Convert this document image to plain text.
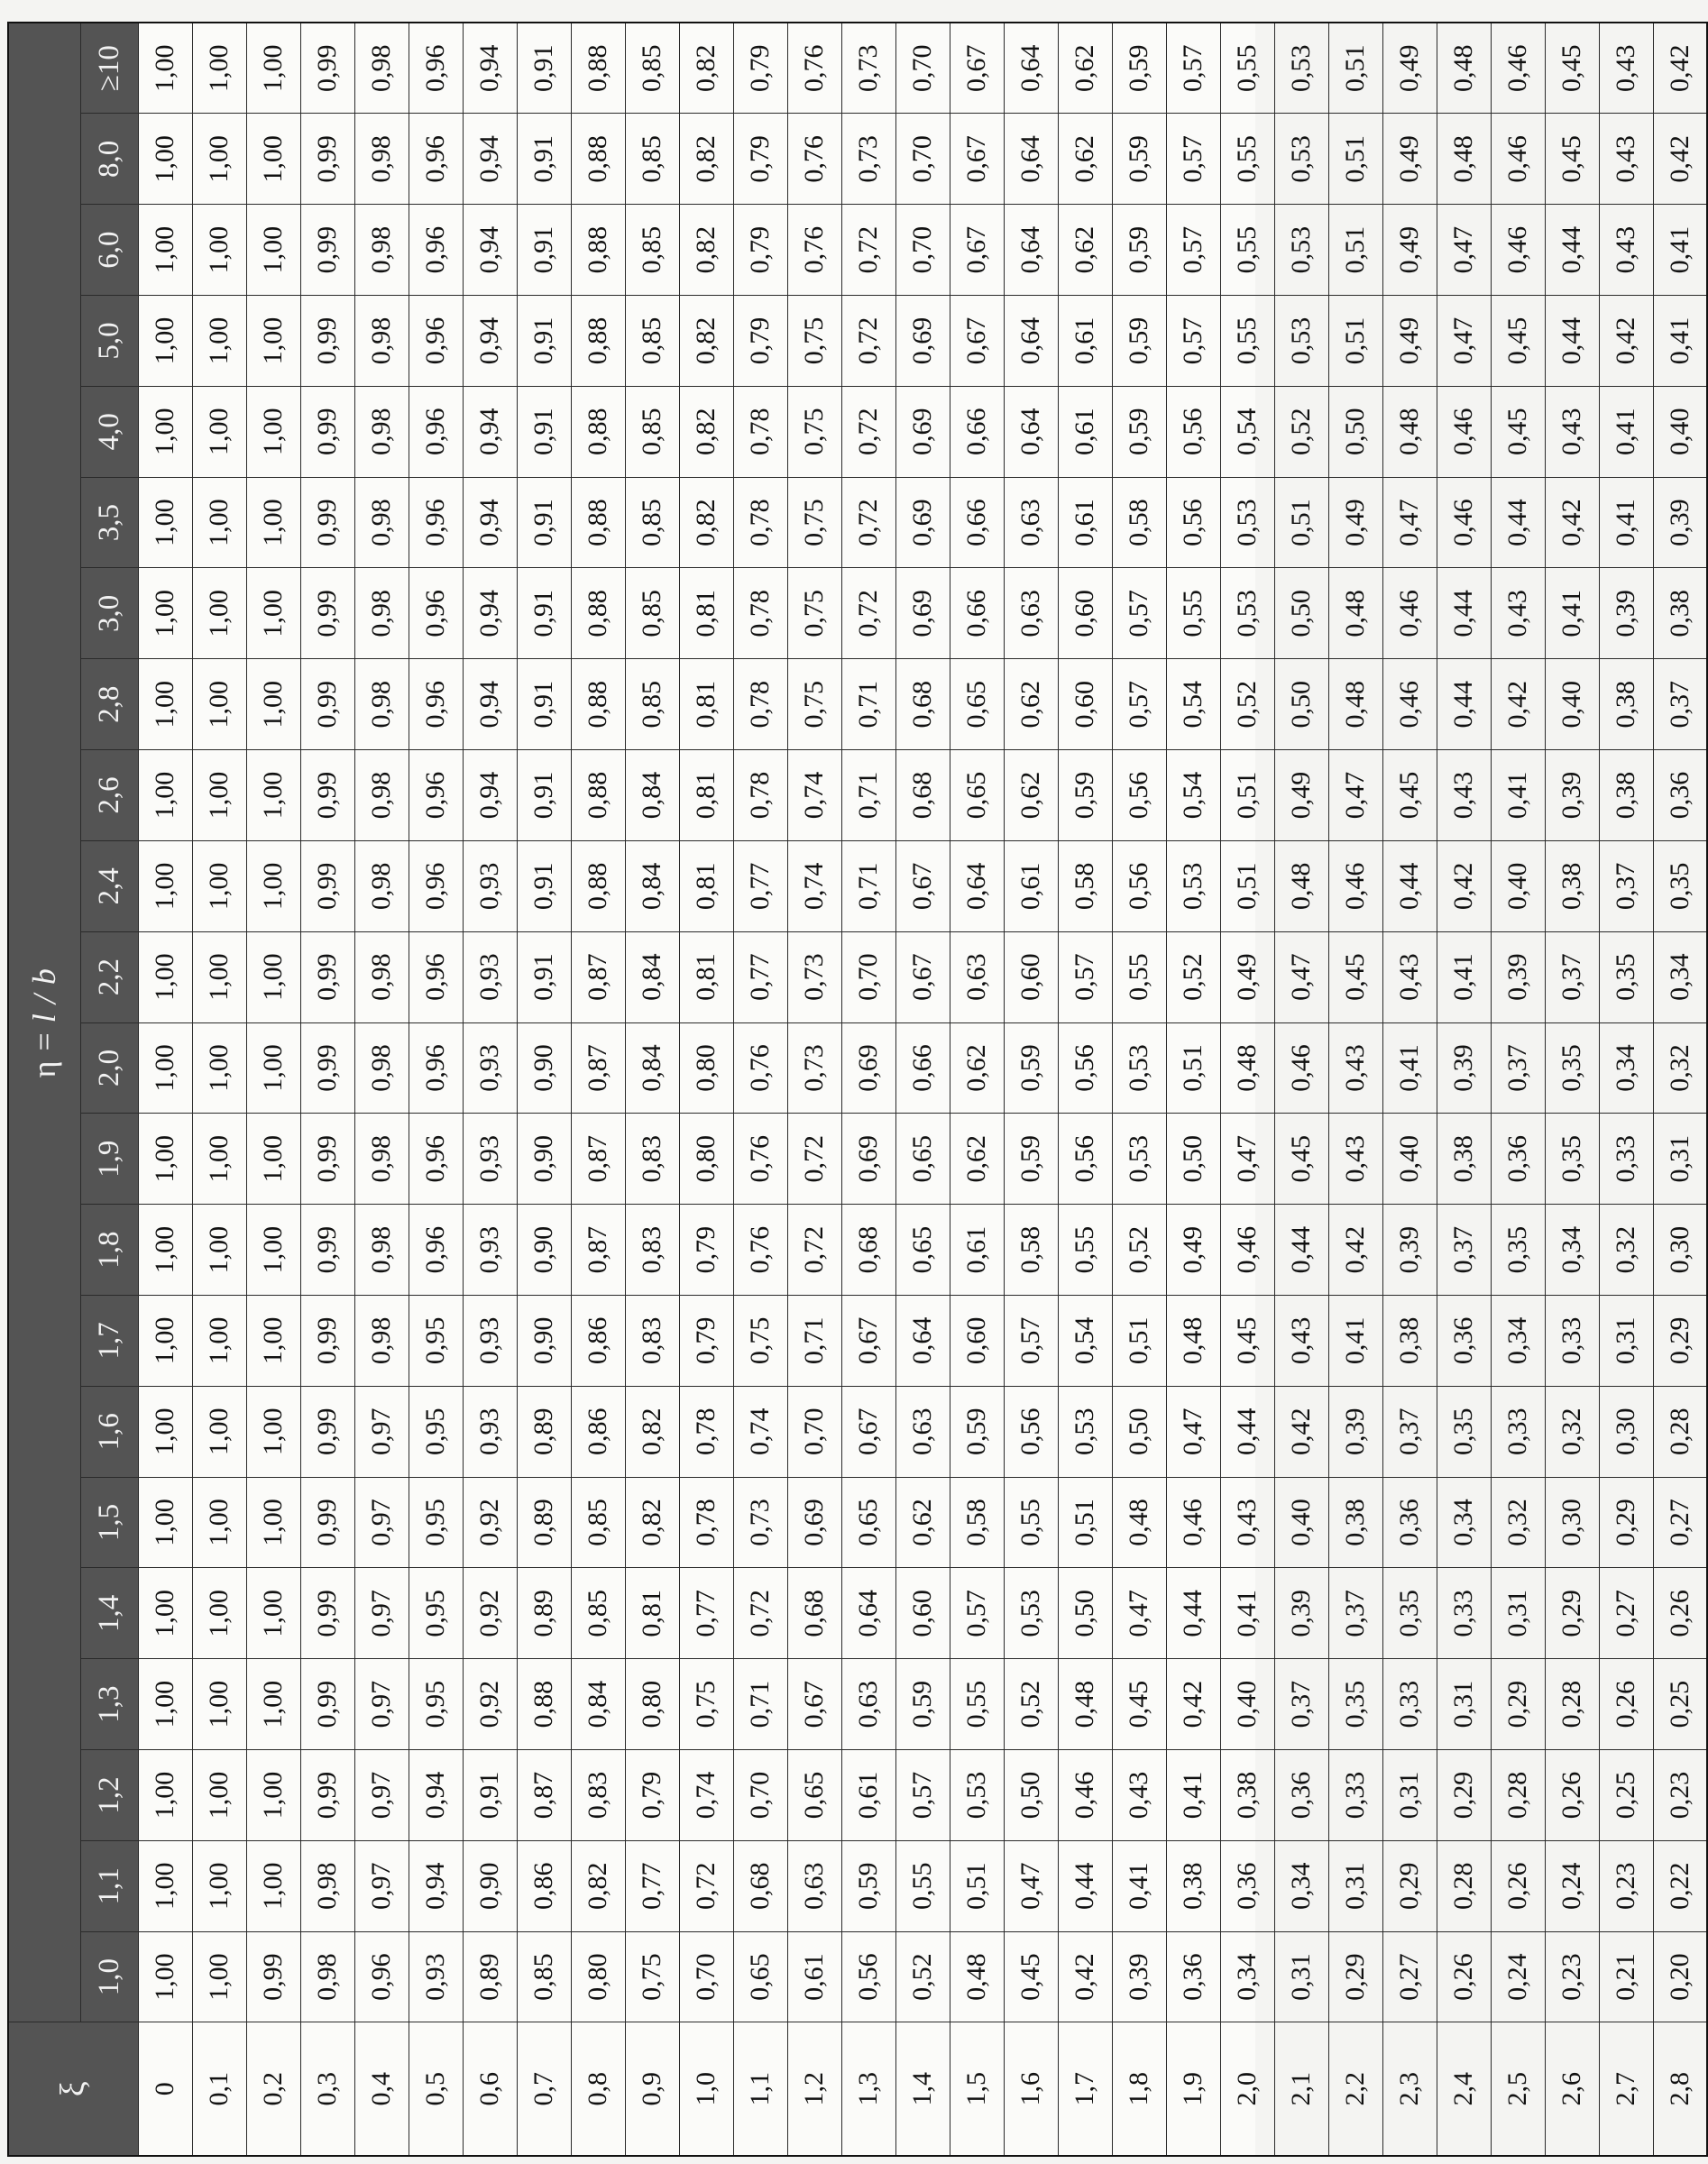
ξ	η = l / b																					
	1,0	1,1	1,2	1,3	1,4	1,5	1,6	1,7	1,8	1,9	2,0	2,2	2,4	2,6	2,8	3,0	3,5	4,0	5,0	6,0	8,0	≥10
0	1,00	1,00	1,00	1,00	1,00	1,00	1,00	1,00	1,00	1,00	1,00	1,00	1,00	1,00	1,00	1,00	1,00	1,00	1,00	1,00	1,00	1,00
0,1	1,00	1,00	1,00	1,00	1,00	1,00	1,00	1,00	1,00	1,00	1,00	1,00	1,00	1,00	1,00	1,00	1,00	1,00	1,00	1,00	1,00	1,00
0,2	0,99	1,00	1,00	1,00	1,00	1,00	1,00	1,00	1,00	1,00	1,00	1,00	1,00	1,00	1,00	1,00	1,00	1,00	1,00	1,00	1,00	1,00
0,3	0,98	0,98	0,99	0,99	0,99	0,99	0,99	0,99	0,99	0,99	0,99	0,99	0,99	0,99	0,99	0,99	0,99	0,99	0,99	0,99	0,99	0,99
0,4	0,96	0,97	0,97	0,97	0,97	0,97	0,97	0,98	0,98	0,98	0,98	0,98	0,98	0,98	0,98	0,98	0,98	0,98	0,98	0,98	0,98	0,98
0,5	0,93	0,94	0,94	0,95	0,95	0,95	0,95	0,95	0,96	0,96	0,96	0,96	0,96	0,96	0,96	0,96	0,96	0,96	0,96	0,96	0,96	0,96
0,6	0,89	0,90	0,91	0,92	0,92	0,92	0,93	0,93	0,93	0,93	0,93	0,93	0,93	0,94	0,94	0,94	0,94	0,94	0,94	0,94	0,94	0,94
0,7	0,85	0,86	0,87	0,88	0,89	0,89	0,89	0,90	0,90	0,90	0,90	0,91	0,91	0,91	0,91	0,91	0,91	0,91	0,91	0,91	0,91	0,91
0,8	0,80	0,82	0,83	0,84	0,85	0,85	0,86	0,86	0,87	0,87	0,87	0,87	0,88	0,88	0,88	0,88	0,88	0,88	0,88	0,88	0,88	0,88
0,9	0,75	0,77	0,79	0,80	0,81	0,82	0,82	0,83	0,83	0,83	0,84	0,84	0,84	0,84	0,85	0,85	0,85	0,85	0,85	0,85	0,85	0,85
1,0	0,70	0,72	0,74	0,75	0,77	0,78	0,78	0,79	0,79	0,80	0,80	0,81	0,81	0,81	0,81	0,81	0,82	0,82	0,82	0,82	0,82	0,82
1,1	0,65	0,68	0,70	0,71	0,72	0,73	0,74	0,75	0,76	0,76	0,76	0,77	0,77	0,78	0,78	0,78	0,78	0,78	0,79	0,79	0,79	0,79
1,2	0,61	0,63	0,65	0,67	0,68	0,69	0,70	0,71	0,72	0,72	0,73	0,73	0,74	0,74	0,75	0,75	0,75	0,75	0,75	0,76	0,76	0,76
1,3	0,56	0,59	0,61	0,63	0,64	0,65	0,67	0,67	0,68	0,69	0,69	0,70	0,71	0,71	0,71	0,72	0,72	0,72	0,72	0,72	0,73	0,73
1,4	0,52	0,55	0,57	0,59	0,60	0,62	0,63	0,64	0,65	0,65	0,66	0,67	0,67	0,68	0,68	0,69	0,69	0,69	0,69	0,70	0,70	0,70
1,5	0,48	0,51	0,53	0,55	0,57	0,58	0,59	0,60	0,61	0,62	0,62	0,63	0,64	0,65	0,65	0,66	0,66	0,66	0,67	0,67	0,67	0,67
1,6	0,45	0,47	0,50	0,52	0,53	0,55	0,56	0,57	0,58	0,59	0,59	0,60	0,61	0,62	0,62	0,63	0,63	0,64	0,64	0,64	0,64	0,64
1,7	0,42	0,44	0,46	0,48	0,50	0,51	0,53	0,54	0,55	0,56	0,56	0,57	0,58	0,59	0,60	0,60	0,61	0,61	0,61	0,62	0,62	0,62
1,8	0,39	0,41	0,43	0,45	0,47	0,48	0,50	0,51	0,52	0,53	0,53	0,55	0,56	0,56	0,57	0,57	0,58	0,59	0,59	0,59	0,59	0,59
1,9	0,36	0,38	0,41	0,42	0,44	0,46	0,47	0,48	0,49	0,50	0,51	0,52	0,53	0,54	0,54	0,55	0,56	0,56	0,57	0,57	0,57	0,57
2,0	0,34	0,36	0,38	0,40	0,41	0,43	0,44	0,45	0,46	0,47	0,48	0,49	0,51	0,51	0,52	0,53	0,53	0,54	0,55	0,55	0,55	0,55
2,1	0,31	0,34	0,36	0,37	0,39	0,40	0,42	0,43	0,44	0,45	0,46	0,47	0,48	0,49	0,50	0,50	0,51	0,52	0,53	0,53	0,53	0,53
2,2	0,29	0,31	0,33	0,35	0,37	0,38	0,39	0,41	0,42	0,43	0,43	0,45	0,46	0,47	0,48	0,48	0,49	0,50	0,51	0,51	0,51	0,51
2,3	0,27	0,29	0,31	0,33	0,35	0,36	0,37	0,38	0,39	0,40	0,41	0,43	0,44	0,45	0,46	0,46	0,47	0,48	0,49	0,49	0,49	0,49
2,4	0,26	0,28	0,29	0,31	0,33	0,34	0,35	0,36	0,37	0,38	0,39	0,41	0,42	0,43	0,44	0,44	0,46	0,46	0,47	0,47	0,48	0,48
2,5	0,24	0,26	0,28	0,29	0,31	0,32	0,33	0,34	0,35	0,36	0,37	0,39	0,40	0,41	0,42	0,43	0,44	0,45	0,45	0,46	0,46	0,46
2,6	0,23	0,24	0,26	0,28	0,29	0,30	0,32	0,33	0,34	0,35	0,35	0,37	0,38	0,39	0,40	0,41	0,42	0,43	0,44	0,44	0,45	0,45
2,7	0,21	0,23	0,25	0,26	0,27	0,29	0,30	0,31	0,32	0,33	0,34	0,35	0,37	0,38	0,38	0,39	0,41	0,41	0,42	0,43	0,43	0,43
2,8	0,20	0,22	0,23	0,25	0,26	0,27	0,28	0,29	0,30	0,31	0,32	0,34	0,35	0,36	0,37	0,38	0,39	0,40	0,41	0,41	0,42	0,42
